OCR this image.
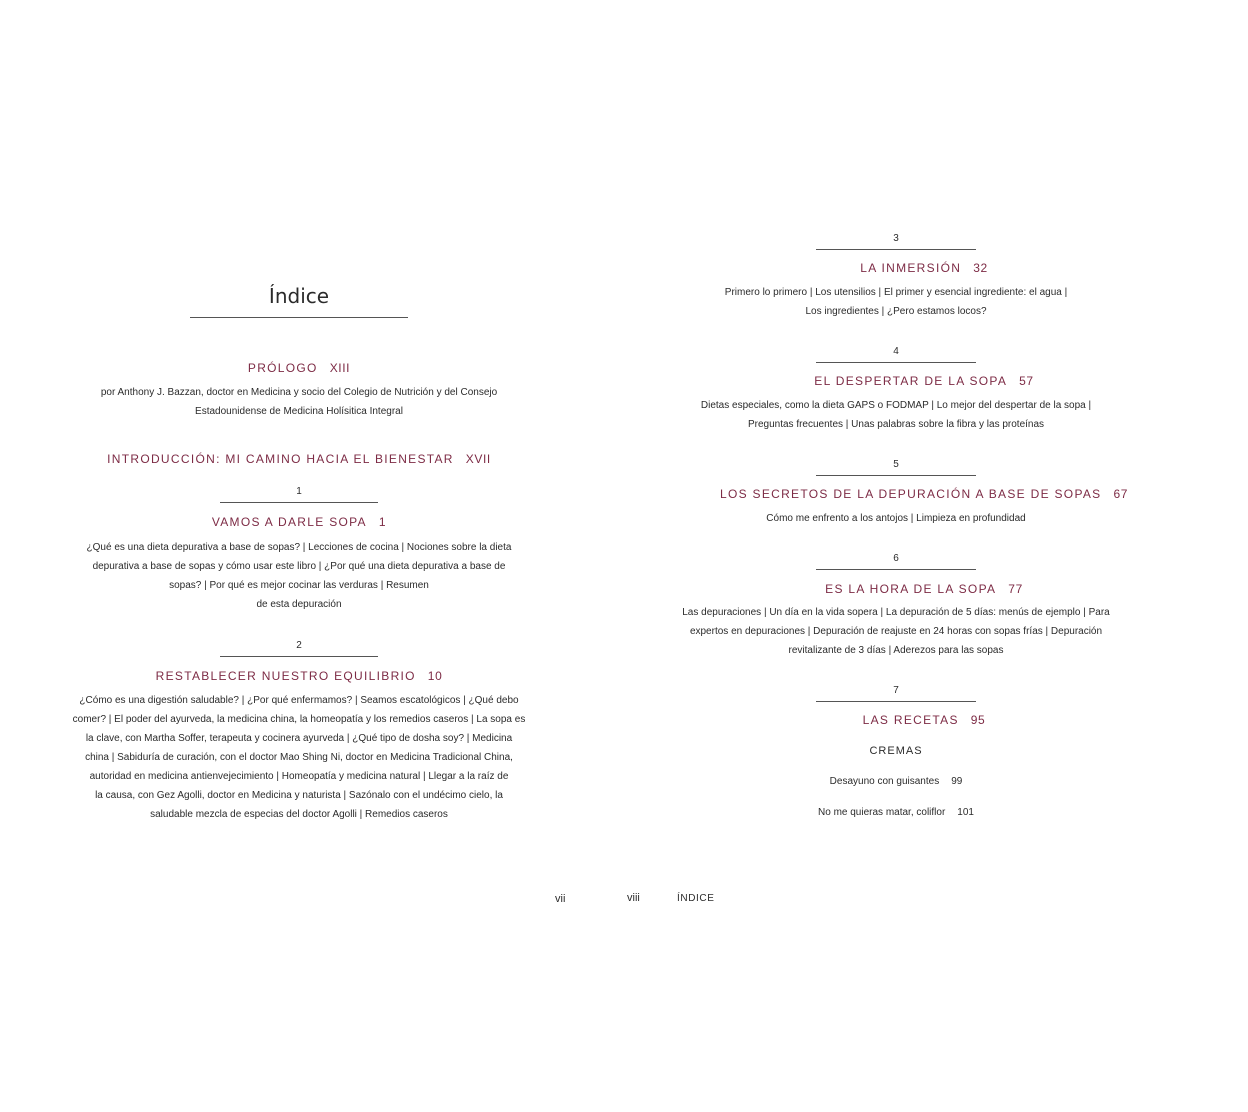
Índice
PRÓLOGO XIII
por Anthony J. Bazzan, doctor en Medicina y socio del Colegio de Nutrición y del Consejo
Estadounidense de Medicina Holísitica Integral
INTRODUCCIÓN: MI CAMINO HACIA EL BIENESTAR XVII
1
VAMOS A DARLE SOPA 1
¿Qué es una dieta depurativa a base de sopas? | Lecciones de cocina | Nociones sobre la dieta
depurativa a base de sopas y cómo usar este libro | ¿Por qué una dieta depurativa a base de
sopas? | Por qué es mejor cocinar las verduras | Resumen
de esta depuración
2
RESTABLECER NUESTRO EQUILIBRIO 10
¿Cómo es una digestión saludable? | ¿Por qué enfermamos? | Seamos escatológicos | ¿Qué debo
comer? | El poder del ayurveda, la medicina china, la homeopatía y los remedios caseros | La sopa es
la clave, con Martha Soffer, terapeuta y cocinera ayurveda | ¿Qué tipo de dosha soy? | Medicina
china | Sabiduría de curación, con el doctor Mao Shing Ni, doctor en Medicina Tradicional China,
autoridad en medicina antienvejecimiento | Homeopatía y medicina natural | Llegar a la raíz de
la causa, con Gez Agolli, doctor en Medicina y naturista | Sazónalo con el undécimo cielo, la
saludable mezcla de especias del doctor Agolli | Remedios caseros
vii
3
LA INMERSIÓN 32
Primero lo primero | Los utensilios | El primer y esencial ingrediente: el agua |
Los ingredientes | ¿Pero estamos locos?
4
EL DESPERTAR DE LA SOPA 57
Dietas especiales, como la dieta GAPS o FODMAP | Lo mejor del despertar de la sopa |
Preguntas frecuentes | Unas palabras sobre la fibra y las proteínas
5
LOS SECRETOS DE LA DEPURACIÓN A BASE DE SOPAS 67
Cómo me enfrento a los antojos | Limpieza en profundidad
6
ES LA HORA DE LA SOPA 77
Las depuraciones | Un día en la vida sopera | La depuración de 5 días: menús de ejemplo | Para
expertos en depuraciones | Depuración de reajuste en 24 horas con sopas frías | Depuración
revitalizante de 3 días | Aderezos para las sopas
7
LAS RECETAS 95
CREMAS
Desayuno con guisantes 99
No me quieras matar, coliflor 101
viii	ÍNDICE
